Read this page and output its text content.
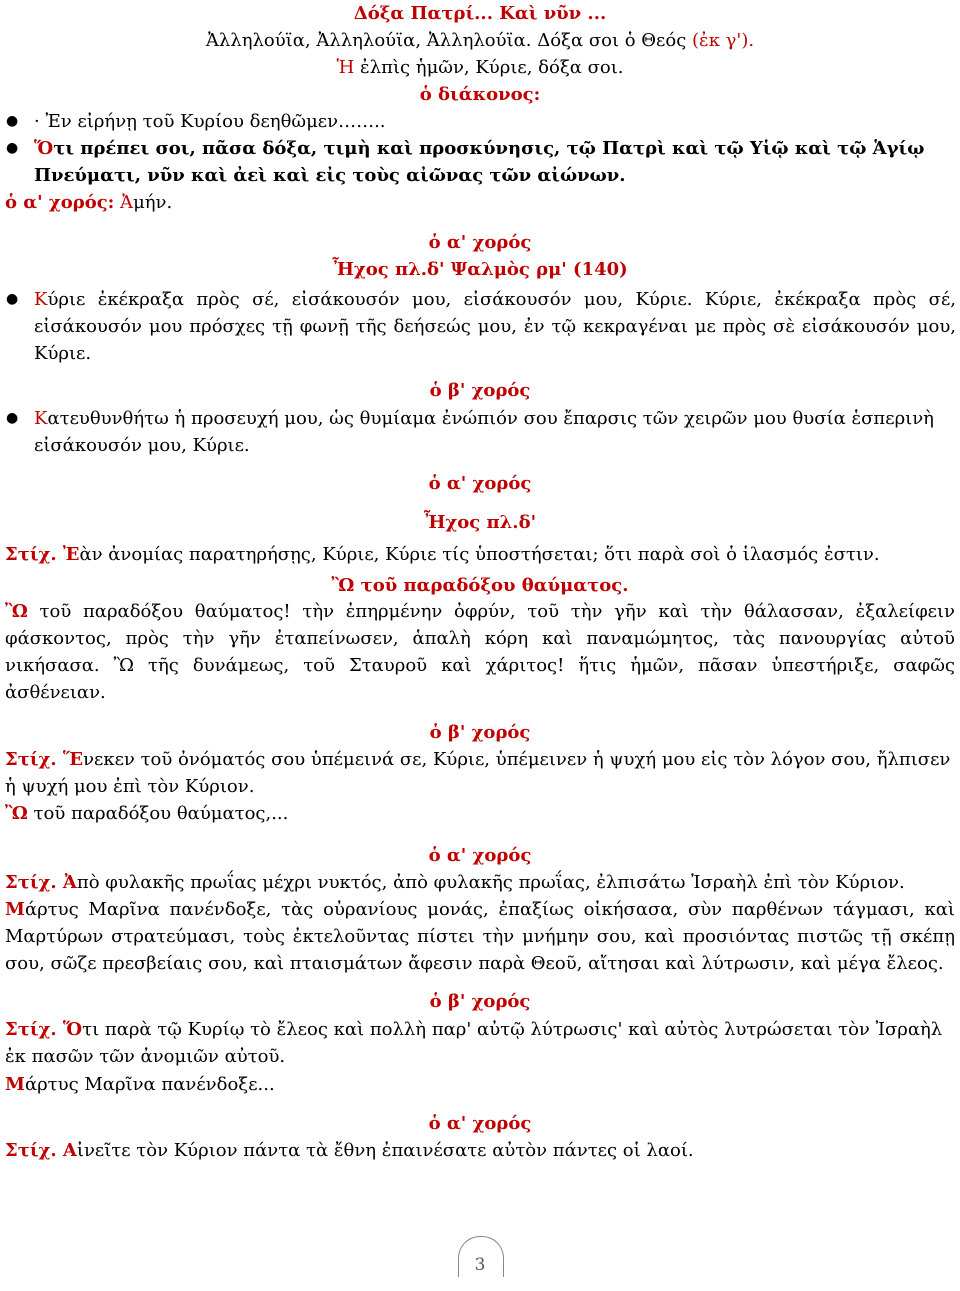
Δόξα Πατρί... Καὶ νῦν ...

Ἀλληλούϊα, Ἀλληλούϊα, Ἀλληλούϊα. Δόξα σοι ὁ Θεός (ἐκ γ').

Ἡ ἐλπὶς ἡμῶν, Κύριε, δόξα σοι.

ὁ διάκονος:

● · Ἐν εἰρήνῃ τοῦ Κυρίου δεηθῶμεν……..

● Ὅτι πρέπει σοι, πᾶσα δόξα, τιμὴ καὶ προσκύνησις, τῷ Πατρὶ καὶ τῷ Υἱῷ καὶ τῷ Ἁγίῳ Πνεύματι, νῦν καὶ ἀεὶ καὶ εἰς τοὺς αἰῶνας τῶν αἰώνων.

ὁ α' χορός: Ἀμήν.

ὁ α' χορός

Ἦχος πλ.δ' Ψαλμὸς ρμ' (140)

● Κύριε ἐκέκραξα πρὸς σέ, εἰσάκουσόν μου, εἰσάκουσόν μου, Κύριε. Κύριε, ἐκέκραξα πρὸς σέ, εἰσάκουσόν μου πρόσχες τῇ φωνῇ τῆς δεήσεώς μου, ἐν τῷ κεκραγέναι με πρὸς σὲ εἰσάκουσόν μου, Κύριε.

ὁ β' χορός

● Κατευθυνθήτω ἡ προσευχή μου, ὡς θυμίαμα ἐνώπιόν σου ἔπαρσις τῶν χειρῶν μου θυσία ἑσπερινὴ εἰσάκουσόν μου, Κύριε.

ὁ α' χορός

Ἦχος πλ.δ'

Στίχ. Ἐὰν ἀνομίας παρατηρήσῃς, Κύριε, Κύριε τίς ὑποστήσεται; ὅτι παρὰ σοὶ ὁ ἱλασμός ἐστιν.

Ὢ τοῦ παραδόξου θαύματος.

Ὢ τοῦ παραδόξου θαύματος! τὴν ἐπηρμένην ὀφρύν, τοῦ τὴν γῆν καὶ τὴν θάλασσαν, ἐξαλείφειν φάσκοντος, πρὸς τὴν γῆν ἐταπείνωσεν, ἁπαλὴ κόρη καὶ παναμώμητος, τὰς πανουργίας αὐτοῦ νικήσασα. Ὢ τῆς δυνάμεως, τοῦ Σταυροῦ καὶ χάριτος! ἥτις ἡμῶν, πᾶσαν ὑπεστήριξε, σαφῶς ἀσθένειαν.

ὁ β' χορός

Στίχ. Ἕνεκεν τοῦ ὀνόματός σου ὑπέμεινά σε, Κύριε, ὑπέμεινεν ἡ ψυχή μου εἰς τὸν λόγον σου, ἤλπισεν ἡ ψυχή μου ἐπὶ τὸν Κύριον.

Ὢ τοῦ παραδόξου θαύματος,...

ὁ α' χορός

Στίχ. Ἀπὸ φυλακῆς πρωΐας μέχρι νυκτός, ἀπὸ φυλακῆς πρωΐας, ἐλπισάτω Ἰσραὴλ ἐπὶ τὸν Κύριον.

Μάρτυς Μαρῖνα πανένδοξε, τὰς οὐρανίους μονάς, ἐπαξίως οἰκήσασα, σὺν παρθένων τάγμασι, καὶ Μαρτύρων στρατεύμασι, τοὺς ἐκτελοῦντας πίστει τὴν μνήμην σου, καὶ προσιόντας πιστῶς τῇ σκέπῃ σου, σῶζε πρεσβείαις σου, καὶ πταισμάτων ἄφεσιν παρὰ Θεοῦ, αἴτησαι καὶ λύτρωσιν, καὶ μέγα ἔλεος.

ὁ β' χορός

Στίχ. Ὅτι παρὰ τῷ Κυρίῳ τὸ ἔλεος καὶ πολλὴ παρ' αὐτῷ λύτρωσις' καὶ αὐτὸς λυτρώσεται τὸν Ἰσραὴλ ἐκ πασῶν τῶν ἀνομιῶν αὐτοῦ.

Μάρτυς Μαρῖνα πανένδοξε...

ὁ α' χορός

Στίχ. Αἰνεῖτε τὸν Κύριον πάντα τὰ ἔθνη ἐπαινέσατε αὐτὸν πάντες οἱ λαοί.

3
